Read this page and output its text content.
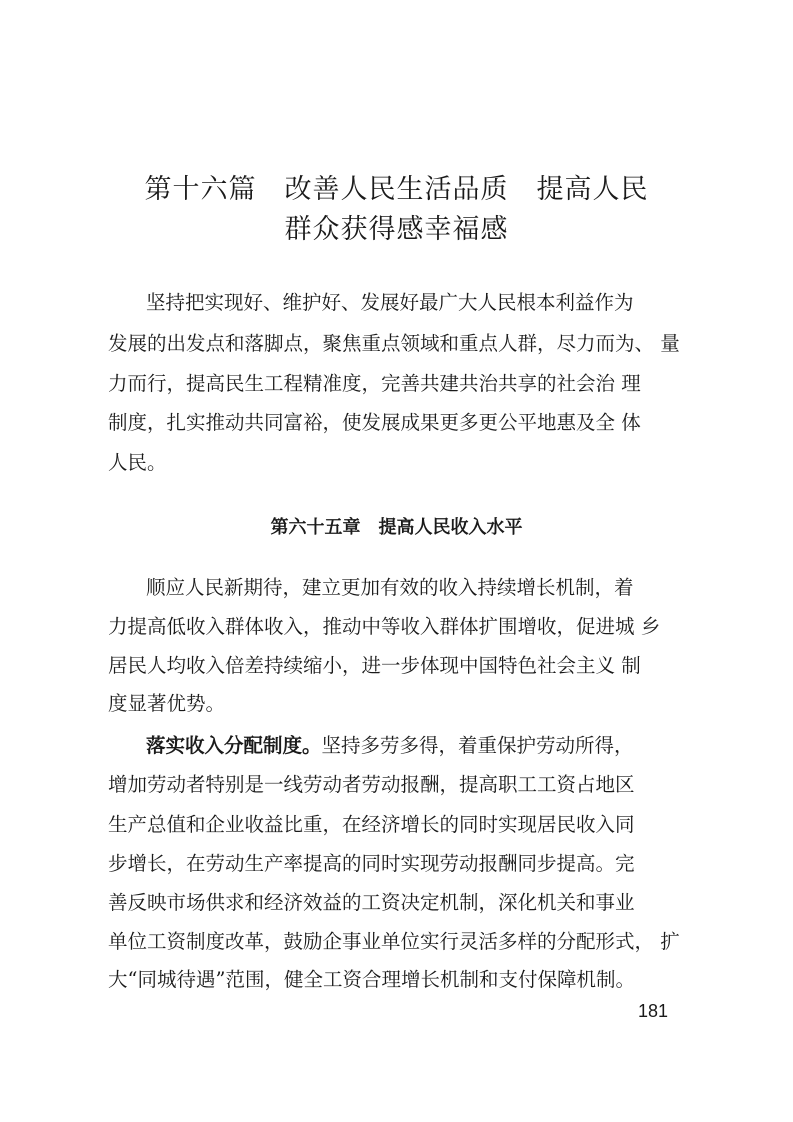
第十六篇　改善人民生活品质　提高人民
群众获得感幸福感
坚持把实现好、维护好、发展好最广大人民根本利益作为
发展的出发点和落脚点，聚焦重点领域和重点人群，尽力而为、 量
力而行，提高民生工程精准度，完善共建共治共享的社会治 理
制度，扎实推动共同富裕，使发展成果更多更公平地惠及全 体
人民。
第六十五章　提高人民收入水平
顺应人民新期待，建立更加有效的收入持续增长机制，着
力提高低收入群体收入，推动中等收入群体扩围增收，促进城 乡
居民人均收入倍差持续缩小，进一步体现中国特色社会主义 制
度显著优势。
落实收入分配制度。坚持多劳多得，着重保护劳动所得，
增加劳动者特别是一线劳动者劳动报酬，提高职工工资占地区
生产总值和企业收益比重，在经济增长的同时实现居民收入同
步增长，在劳动生产率提高的同时实现劳动报酬同步提高。完
善反映市场供求和经济效益的工资决定机制，深化机关和事业
单位工资制度改革，鼓励企事业单位实行灵活多样的分配形式， 扩
大“同城待遇”范围，健全工资合理增长机制和支付保障机制。
181
